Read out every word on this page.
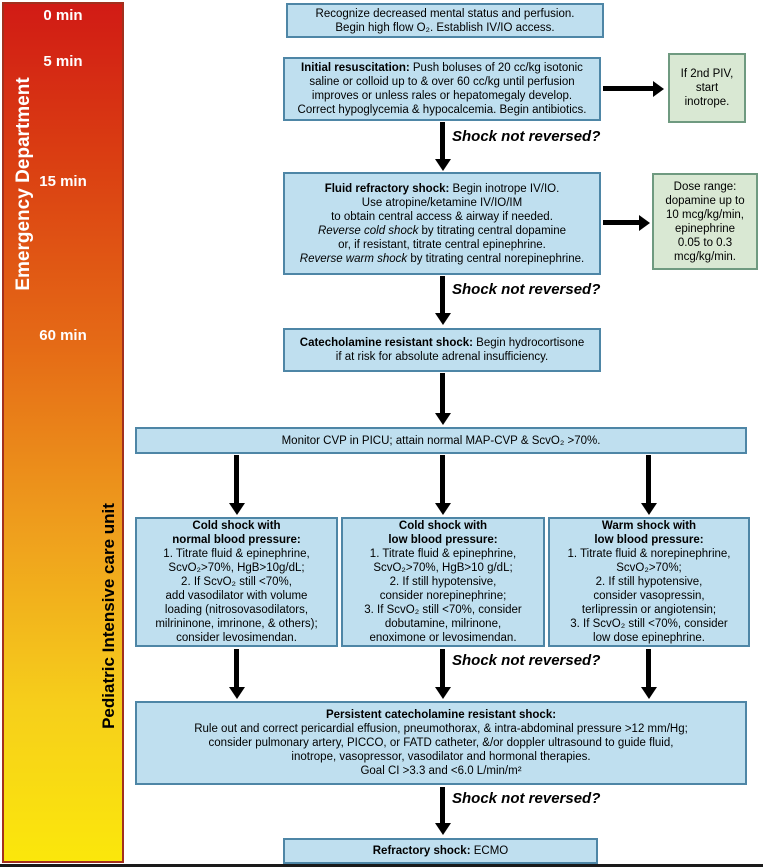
0 min
5 min
15 min
60 min
Emergency Department
Pediatric Intensive care unit
Recognize decreased mental status and perfusion.
Begin high flow O₂. Establish IV/IO access.
Initial resuscitation: Push boluses of 20 cc/kg isotonic
saline or colloid up to & over 60 cc/kg until perfusion
improves or unless rales or hepatomegaly develop.
Correct hypoglycemia & hypocalcemia. Begin antibiotics.
If 2nd PIV,
start
inotrope.
Shock not reversed?
Fluid refractory shock: Begin inotrope IV/IO.
Use atropine/ketamine IV/IO/IM
to obtain central access & airway if needed.
Reverse cold shock by titrating central dopamine
or, if resistant, titrate central epinephrine.
Reverse warm shock by titrating central norepinephrine.
Dose range:
dopamine up to
10 mcg/kg/min,
epinephrine
0.05 to 0.3
mcg/kg/min.
Shock not reversed?
Catecholamine resistant shock: Begin hydrocortisone
if at risk for absolute adrenal insufficiency.
Monitor CVP in PICU; attain normal MAP-CVP & ScvO₂ >70%.
Cold shock with
normal blood pressure:
1. Titrate fluid & epinephrine,
ScvO₂>70%, HgB>10g/dL;
2. If ScvO₂ still <70%,
add vasodilator with volume
loading (nitrosovasodilators,
milrininone, imrinone, & others);
consider levosimendan.
Cold shock with
low blood pressure:
1. Titrate fluid & epinephrine,
ScvO₂>70%, HgB>10 g/dL;
2. If still hypotensive,
consider norepinephrine;
3. If ScvO₂ still <70%, consider
dobutamine, milrinone,
enoximone or levosimendan.
Warm shock with
low blood pressure:
1. Titrate fluid & norepinephrine,
ScvO₂>70%;
2. If still hypotensive,
consider vasopressin,
terlipressin or angiotensin;
3. If ScvO₂ still <70%, consider
low dose epinephrine.
Shock not reversed?
Persistent catecholamine resistant shock:
Rule out and correct pericardial effusion, pneumothorax, & intra-abdominal pressure >12 mm/Hg;
consider pulmonary artery, PICCO, or FATD catheter, &/or doppler ultrasound to guide fluid,
inotrope, vasopressor, vasodilator and hormonal therapies.
Goal CI >3.3 and <6.0 L/min/m²
Shock not reversed?
Refractory shock: ECMO
